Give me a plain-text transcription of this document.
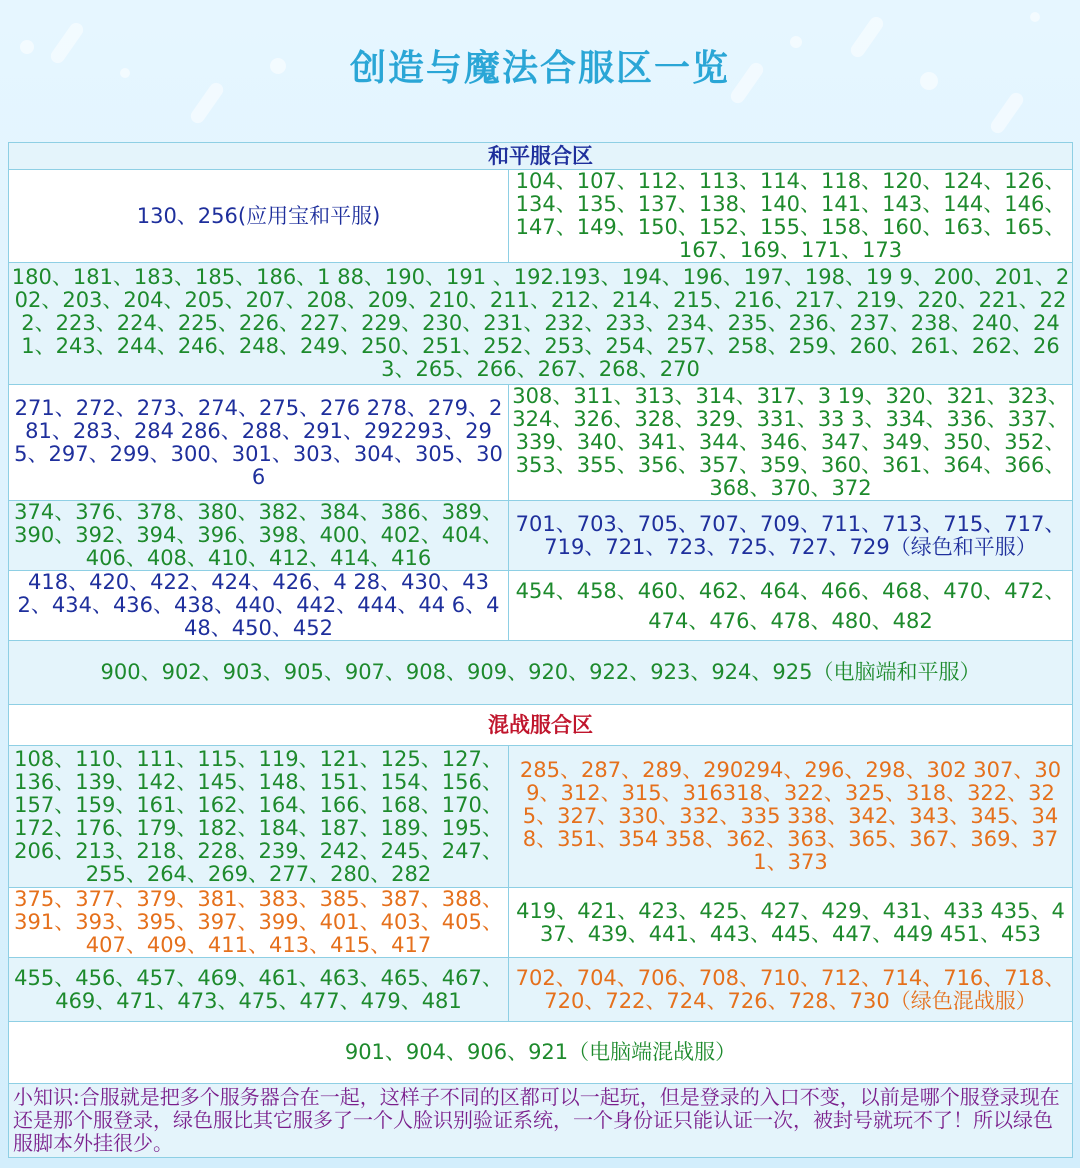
创造与魔法合服区一览
和平服合区	
130、256(应用宝和平服)	104、107、112、113、114、118、120、124、126、134、135、137、138、140、141、143、144、146、147、149、150、152、155、158、160、163、165、167、169、171、173
180、181、183、185、186、1 88、190、191 、192.193、194、196、197、198、19 9、200、201、202、203、204、205、207、208、209、210、211、212、214、215、216、217、219、220、221、222、223、224、225、226、227、229、230、231、232、233、234、235、236、237、238、240、241、243、244、246、248、249、250、251、252、253、254、257、258、259、260、261、262、263、265、266、267、268、270	
271、272、273、274、275、276 278、279、281、283、284 286、288、291、292293、295、297、299、300、301、303、304、305、306	308、311、313、314、317、3 19、320、321、323、324、326、328、329、331、33 3、334、336、337、339、340、341、344、346、347、349、350、352、353、355、356、357、359、360、361、364、366、368、370、372
374、376、378、380、382、384、386、389、390、392、394、396、398、400、402、404、406、408、410、412、414、416	701、703、705、707、709、711、713、715、717、719、721、723、725、727、729（绿色和平服）
418、420、422、424、426、4 28、430、432、434、436、438、440、442、444、44 6、448、450、452	454、458、460、462、464、466、468、470、472、474、476、478、480、482
900、902、903、905、907、908、909、920、922、923、924、925（电脑端和平服）	
混战服合区	
108、110、111、115、119、121、125、127、136、139、142、145、148、151、154、156、157、159、161、162、164、166、168、170、172、176、179、182、184、187、189、195、206、213、218、228、239、242、245、247、255、264、269、277、280、282	285、287、289、290294、296、298、302 307、309、312、315、316318、322、325、318、322、325、327、330、332、335 338、342、343、345、348、351、354 358、362、363、365、367、369、371、373
375、377、379、381、383、385、387、388、391、393、395、397、399、401、403、405、407、409、411、413、415、417	419、421、423、425、427、429、431、433 435、437、439、441、443、445、447、449 451、453
455、456、457、469、461、463、465、467、469、471、473、475、477、479、481	702、704、706、708、710、712、714、716、718、720、722、724、726、728、730（绿色混战服）
901、904、906、921（电脑端混战服）	
小知识:合服就是把多个服务器合在一起，这样子不同的区都可以一起玩，但是登录的入口不变，以前是哪个服登录现在还是那个服登录，绿色服比其它服多了一个人脸识别验证系统，一个身份证只能认证一次，被封号就玩不了！所以绿色服脚本外挂很少。	
